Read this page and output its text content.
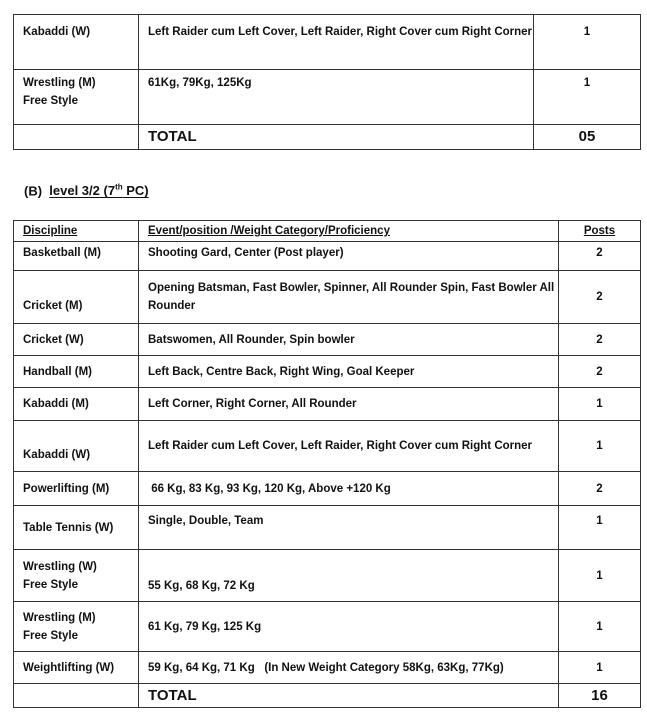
Kabaddi (W)	Left Raider cum Left Cover, Left Raider, Right Cover cum Right Corner	1
Wrestling (M)
Free Style	61Kg, 79Kg, 125Kg	1
	TOTAL	05
(B) level 3/2 (7th PC)
Discipline	Event/position /Weight Category/Proficiency	Posts
Basketball (M)	Shooting Gard, Center (Post player)	2
Cricket (M)	Opening Batsman, Fast Bowler, Spinner, All Rounder Spin, Fast Bowler All Rounder	2
Cricket (W)	Batswomen, All Rounder, Spin bowler	2
Handball (M)	Left Back, Centre Back, Right Wing, Goal Keeper	2
Kabaddi (M)	Left Corner, Right Corner, All Rounder	1
Kabaddi (W)	Left Raider cum Left Cover, Left Raider, Right Cover cum Right Corner	1
Powerlifting (M)	66 Kg, 83 Kg, 93 Kg, 120 Kg, Above +120 Kg	2
Table Tennis (W)	Single, Double, Team	1
Wrestling (W)
Free Style	55 Kg, 68 Kg, 72 Kg	1
Wrestling (M)
Free Style	61 Kg, 79 Kg, 125 Kg	1
Weightlifting (W)	59 Kg, 64 Kg, 71 Kg   (In New Weight Category 58Kg, 63Kg, 77Kg)	1
	TOTAL	16
